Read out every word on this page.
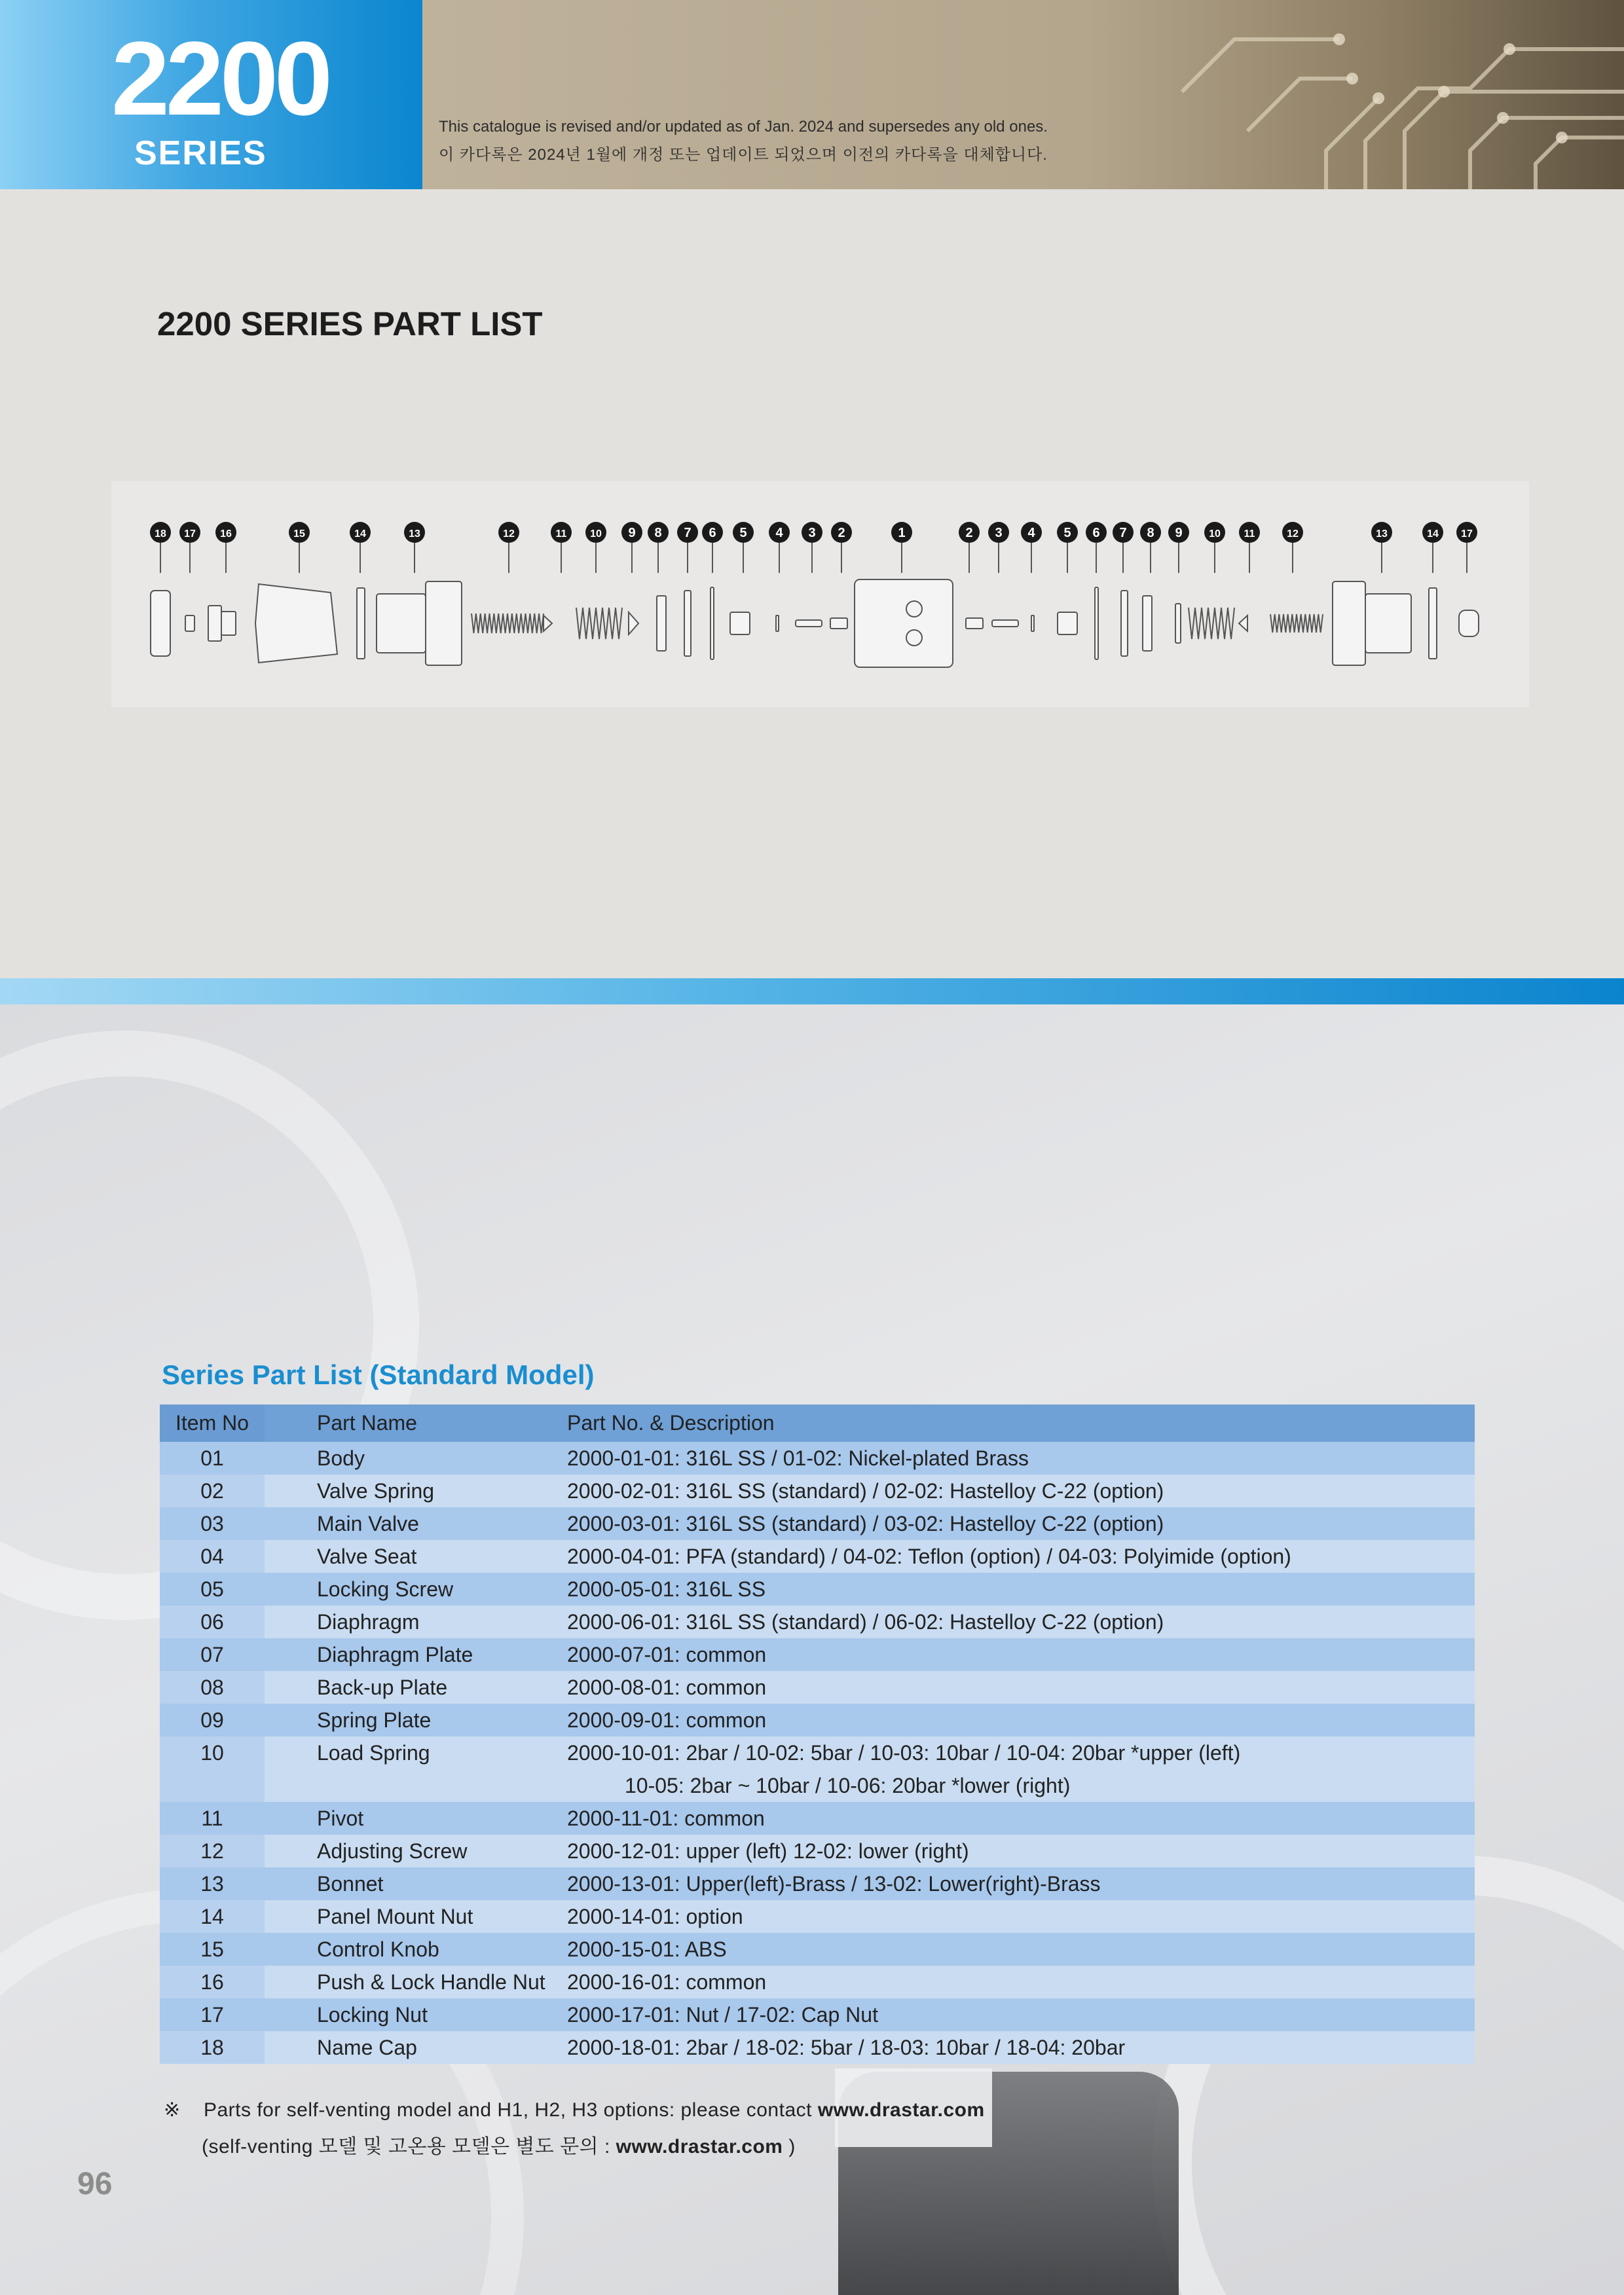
2200
SERIES
This catalogue is revised and/or updated as of Jan. 2024 and supersedes any old ones.
이 카다록은 2024년 1월에 개정 또는 업데이트 되었으며 이전의 카다록을 대체합니다.
2200 SERIES PART LIST
18 17 16	15	14	13	12	11 10 9 8 7 6 5 4 3 2	1	2 3 4 5 6 7 8 9	10 11	12	13	14 17
Series Part List (Standard Model)
Item No	Part Name	Part No. & Description
01	Body	2000-01-01: 316L SS / 01-02: Nickel-plated Brass
02	Valve Spring	2000-02-01: 316L SS (standard) / 02-02: Hastelloy C-22 (option)
03	Main Valve	2000-03-01: 316L SS (standard) / 03-02: Hastelloy C-22 (option)
04	Valve Seat	2000-04-01: PFA (standard) / 04-02: Teflon (option) / 04-03: Polyimide (option)
05	Locking Screw	2000-05-01: 316L SS
06	Diaphragm	2000-06-01: 316L SS (standard) / 06-02: Hastelloy C-22 (option)
07	Diaphragm Plate	2000-07-01: common
08	Back-up Plate	2000-08-01: common
09	Spring Plate	2000-09-01: common
10	Load Spring	2000-10-01: 2bar / 10-02: 5bar / 10-03: 10bar / 10-04: 20bar *upper (left)
10-05: 2bar ~ 10bar / 10-06: 20bar *lower (right)

11	Pivot	2000-11-01: common
12	Adjusting Screw	2000-12-01: upper (left) 12-02: lower (right)
13	Bonnet	2000-13-01: Upper(left)-Brass / 13-02: Lower(right)-Brass
14	Panel Mount Nut	2000-14-01: option
15	Control Knob	2000-15-01: ABS
16	Push & Lock Handle Nut	2000-16-01: common
17	Locking Nut	2000-17-01: Nut / 17-02: Cap Nut
18	Name Cap	2000-18-01: 2bar / 18-02: 5bar / 18-03: 10bar / 18-04: 20bar
※ Parts for self-venting model and H1, H2, H3 options: please contact www.drastar.com
(self-venting 모델 및 고온용 모델은 별도 문의 : www.drastar.com )
96
